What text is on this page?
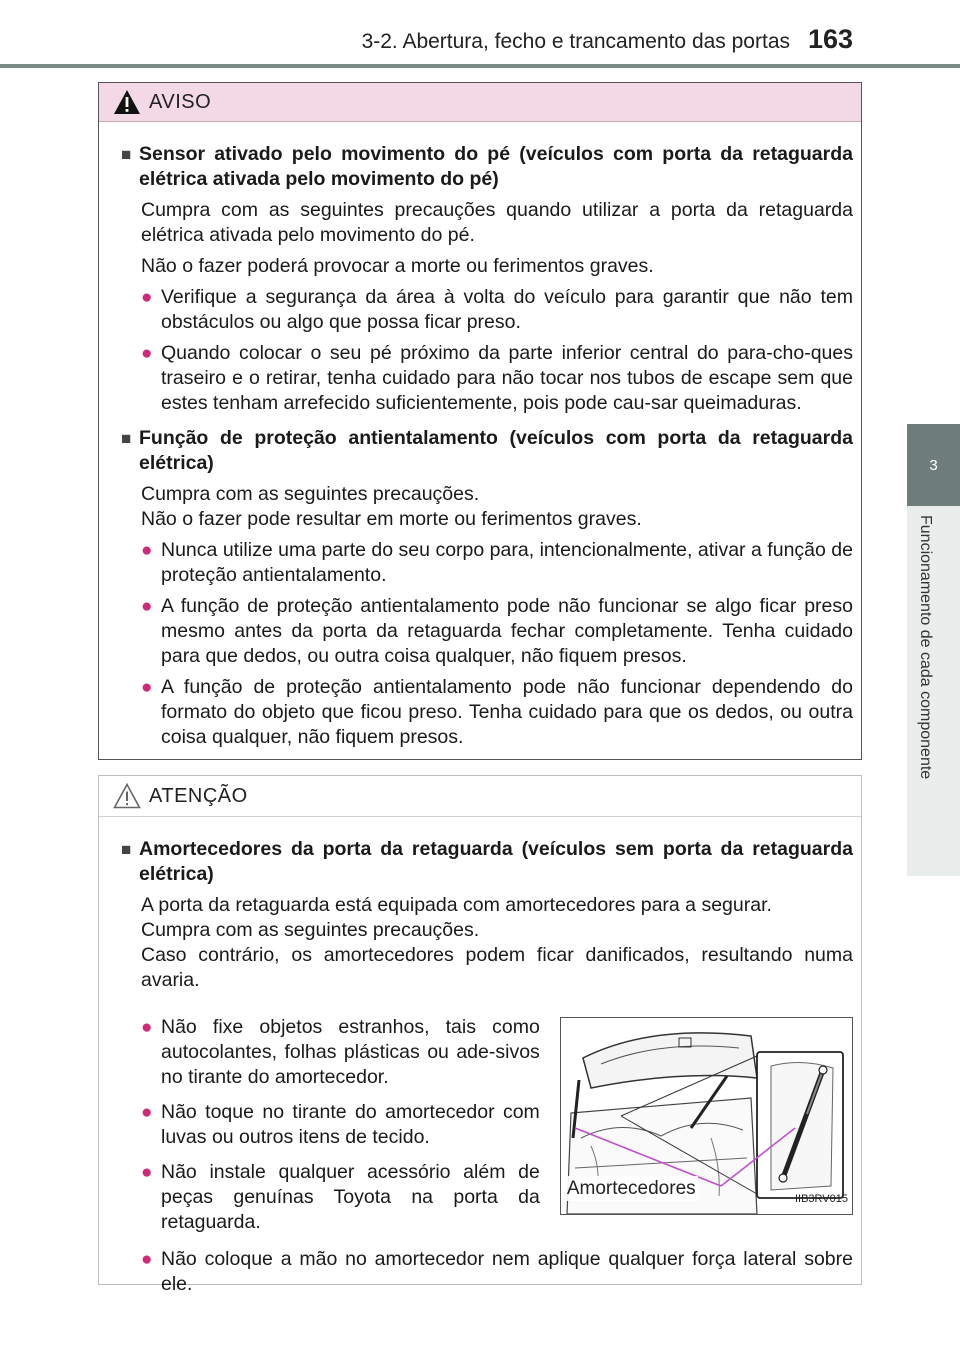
3-2. Abertura, fecho e trancamento das portas 163
3
Funcionamento de cada componente
AVISO
■ Sensor ativado pelo movimento do pé (veículos com porta da retaguarda elétrica ativada pelo movimento do pé)
Cumpra com as seguintes precauções quando utilizar a porta da retaguarda elétrica ativada pelo movimento do pé.
Não o fazer poderá provocar a morte ou ferimentos graves.
● Verifique a segurança da área à volta do veículo para garantir que não tem obstáculos ou algo que possa ficar preso.
● Quando colocar o seu pé próximo da parte inferior central do para-cho-ques traseiro e o retirar, tenha cuidado para não tocar nos tubos de escape sem que estes tenham arrefecido suficientemente, pois pode cau-sar queimaduras.
■ Função de proteção antientalamento (veículos com porta da retaguarda elétrica)
Cumpra com as seguintes precauções.
Não o fazer pode resultar em morte ou ferimentos graves.
● Nunca utilize uma parte do seu corpo para, intencionalmente, ativar a função de proteção antientalamento.
● A função de proteção antientalamento pode não funcionar se algo ficar preso mesmo antes da porta da retaguarda fechar completamente. Tenha cuidado para que dedos, ou outra coisa qualquer, não fiquem presos.
● A função de proteção antientalamento pode não funcionar dependendo do formato do objeto que ficou preso. Tenha cuidado para que os dedos, ou outra coisa qualquer, não fiquem presos.
ATENÇÃO
■ Amortecedores da porta da retaguarda (veículos sem porta da retaguarda elétrica)
A porta da retaguarda está equipada com amortecedores para a segurar.
Cumpra com as seguintes precauções.
Caso contrário, os amortecedores podem ficar danificados, resultando numa avaria.
● Não fixe objetos estranhos, tais como autocolantes, folhas plásticas ou ade-sivos no tirante do amortecedor.
● Não toque no tirante do amortecedor com luvas ou outros itens de tecido.
● Não instale qualquer acessório além de peças genuínas Toyota na porta da retaguarda.
Amortecedores	IIB3RV015
● Não coloque a mão no amortecedor nem aplique qualquer força lateral sobre ele.
